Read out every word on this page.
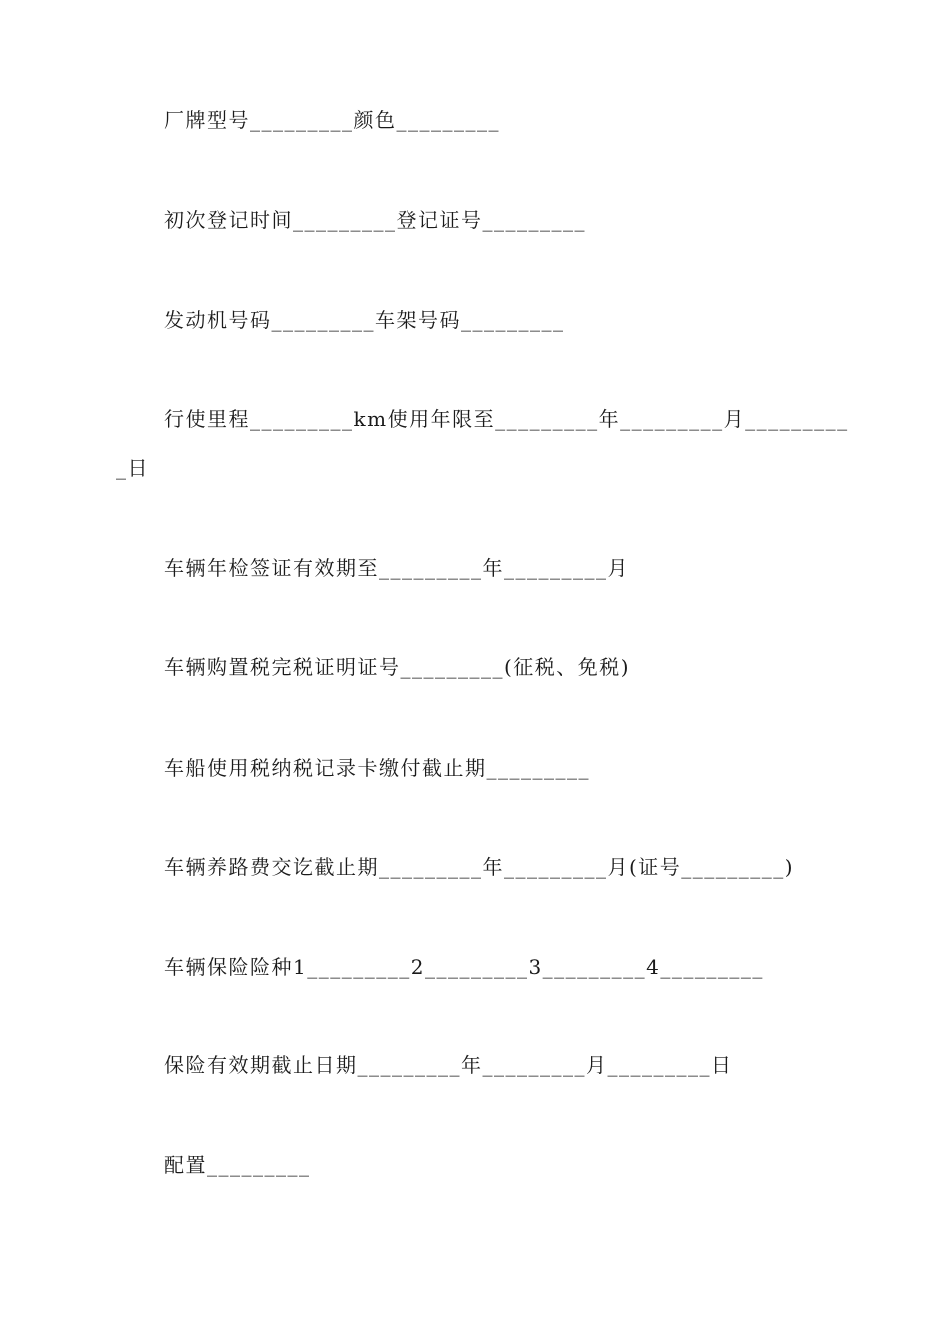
厂牌型号_________颜色_________
初次登记时间_________登记证号_________
发动机号码_________车架号码_________
行使里程_________km使用年限至_________年_________月_________
_日
车辆年检签证有效期至_________年_________月
车辆购置税完税证明证号_________(征税、免税)
车船使用税纳税记录卡缴付截止期_________
车辆养路费交讫截止期_________年_________月(证号_________)
车辆保险险种1_________2_________3_________4_________
保险有效期截止日期_________年_________月_________日
配置_________
